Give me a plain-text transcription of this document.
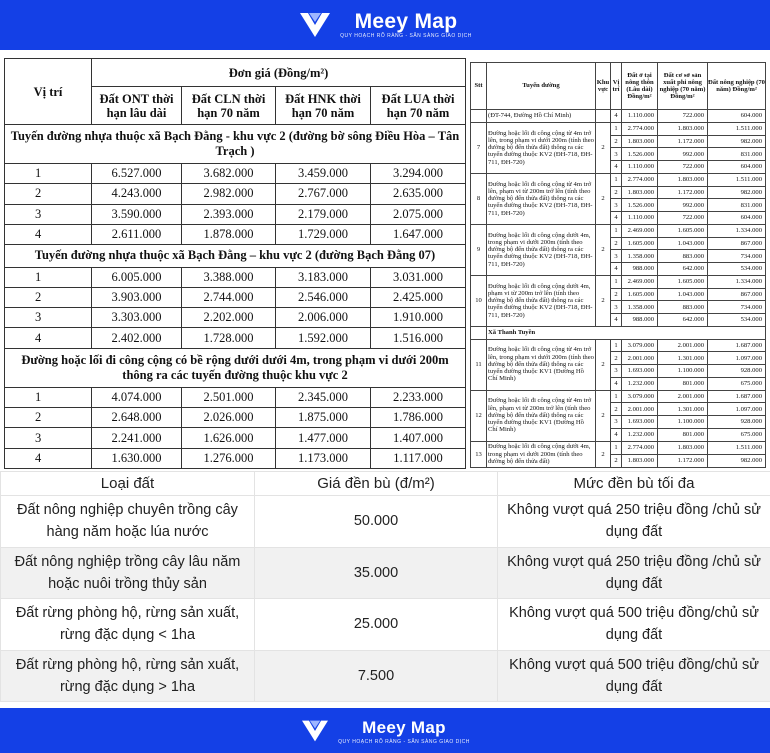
Meey Map
QUY HOẠCH RÕ RÀNG - SẴN SÀNG GIAO DỊCH
Vị trí	Đơn giá (Đồng/m²)			
	Đất ONT thời hạn lâu dài	Đất CLN thời hạn 70 năm	Đất HNK thời hạn 70 năm	Đất LUA thời hạn 70 năm
Tuyến đường nhựa thuộc xã Bạch Đằng - khu vực 2 (đường bờ sông Điều Hòa – Tân Trạch )				
1	6.527.000	3.682.000	3.459.000	3.294.000
2	4.243.000	2.982.000	2.767.000	2.635.000
3	3.590.000	2.393.000	2.179.000	2.075.000
4	2.611.000	1.878.000	1.729.000	1.647.000
Tuyến đường nhựa thuộc xã Bạch Đằng – khu vực 2 (đường Bạch Đằng 07)				
1	6.005.000	3.388.000	3.183.000	3.031.000
2	3.903.000	2.744.000	2.546.000	2.425.000
3	3.303.000	2.202.000	2.006.000	1.910.000
4	2.402.000	1.728.000	1.592.000	1.516.000
Đường hoặc lối đi công cộng có bề rộng dưới dưới 4m, trong phạm vi dưới 200m thông ra các tuyến đường thuộc khu vực 2				
1	4.074.000	2.501.000	2.345.000	2.233.000
2	2.648.000	2.026.000	1.875.000	1.786.000
3	2.241.000	1.626.000	1.477.000	1.407.000
4	1.630.000	1.276.000	1.173.000	1.117.000
Stt	Tuyến đường	Khu vực	Vị trí	Đất ở tại nông thôn (Lâu dài) Đồng/m²	Đất cơ sở sản xuất phi nông nghiệp (70 năm) Đồng/m²	Đất nông nghiệp (70 năm) Đồng/m²
	(ĐT-744, Đường Hồ Chí Minh)		4	1.110.000	722.000	604.000
7	Đường hoặc lối đi công cộng từ 4m trở lên, trong phạm vi dưới 200m (tính theo đường bộ đến thửa đất) thông ra các tuyến đường thuộc KV2 (ĐH-718, ĐH-711, ĐH-720)	2	1	2.774.000	1.803.000	1.511.000
			2	1.803.000	1.172.000	982.000
			3	1.526.000	992.000	831.000
			4	1.110.000	722.000	604.000
8	Đường hoặc lối đi công cộng từ 4m trở lên, phạm vi từ 200m trở lên (tính theo đường bộ đến thửa đất) thông ra các tuyến đường thuộc KV2 (ĐH-718, ĐH-711, ĐH-720)	2	1	2.774.000	1.803.000	1.511.000
			2	1.803.000	1.172.000	982.000
			3	1.526.000	992.000	831.000
			4	1.110.000	722.000	604.000
9	Đường hoặc lối đi công cộng dưới 4m, trong phạm vi dưới 200m (tính theo đường bộ đến thửa đất) thông ra các tuyến đường thuộc KV2 (ĐH-718, ĐH-711, ĐH-720)	2	1	2.469.000	1.605.000	1.334.000
			2	1.605.000	1.043.000	867.000
			3	1.358.000	883.000	734.000
			4	988.000	642.000	534.000
10	Đường hoặc lối đi công cộng dưới 4m, phạm vi từ 200m trở lên (tính theo đường bộ đến thửa đất) thông ra các tuyến đường thuộc KV2 (ĐH-718, ĐH-711, ĐH-720)	2	1	2.469.000	1.605.000	1.334.000
			2	1.605.000	1.043.000	867.000
			3	1.358.000	883.000	734.000
			4	988.000	642.000	534.000
	Xã Thanh Tuyền					
11	Đường hoặc lối đi công cộng từ 4m trở lên, trong phạm vi dưới 200m (tính theo đường bộ đến thửa đất) thông ra các tuyến đường thuộc KV1 (Đường Hồ Chí Minh)	2	1	3.079.000	2.001.000	1.687.000
			2	2.001.000	1.301.000	1.097.000
			3	1.693.000	1.100.000	928.000
			4	1.232.000	801.000	675.000
12	Đường hoặc lối đi công cộng từ 4m trở lên, phạm vi từ 200m trở lên (tính theo đường bộ đến thửa đất) thông ra các tuyến đường thuộc KV1 (Đường Hồ Chí Minh)	2	1	3.079.000	2.001.000	1.687.000
			2	2.001.000	1.301.000	1.097.000
			3	1.693.000	1.100.000	928.000
			4	1.232.000	801.000	675.000
13	Đường hoặc lối đi công cộng dưới 4m, trong phạm vi dưới 200m (tính theo đường bộ đến thửa đất)	2	1	2.774.000	1.803.000	1.511.000
			2	1.803.000	1.172.000	982.000
Loại đất	Giá đền bù (đ/m²)	Mức đền bù tối đa
Đất nông nghiệp chuyên trồng cây hàng năm hoặc lúa nước	50.000	Không vượt quá 250 triệu đồng /chủ sử dụng đất
Đất nông nghiệp trồng cây lâu năm hoặc nuôi trồng thủy sản	35.000	Không vượt quá 250 triệu đồng /chủ sử dụng đất
Đất rừng phòng hộ, rừng sản xuất, rừng đặc dụng < 1ha	25.000	Không vượt quá 500 triệu đồng/chủ sử dụng đất
Đất rừng phòng hộ, rừng sản xuất, rừng đặc dụng > 1ha	7.500	Không vượt quá 500 triệu đồng/chủ sử dụng đất
Meey Map
QUY HOẠCH RÕ RÀNG - SẴN SÀNG GIAO DỊCH
